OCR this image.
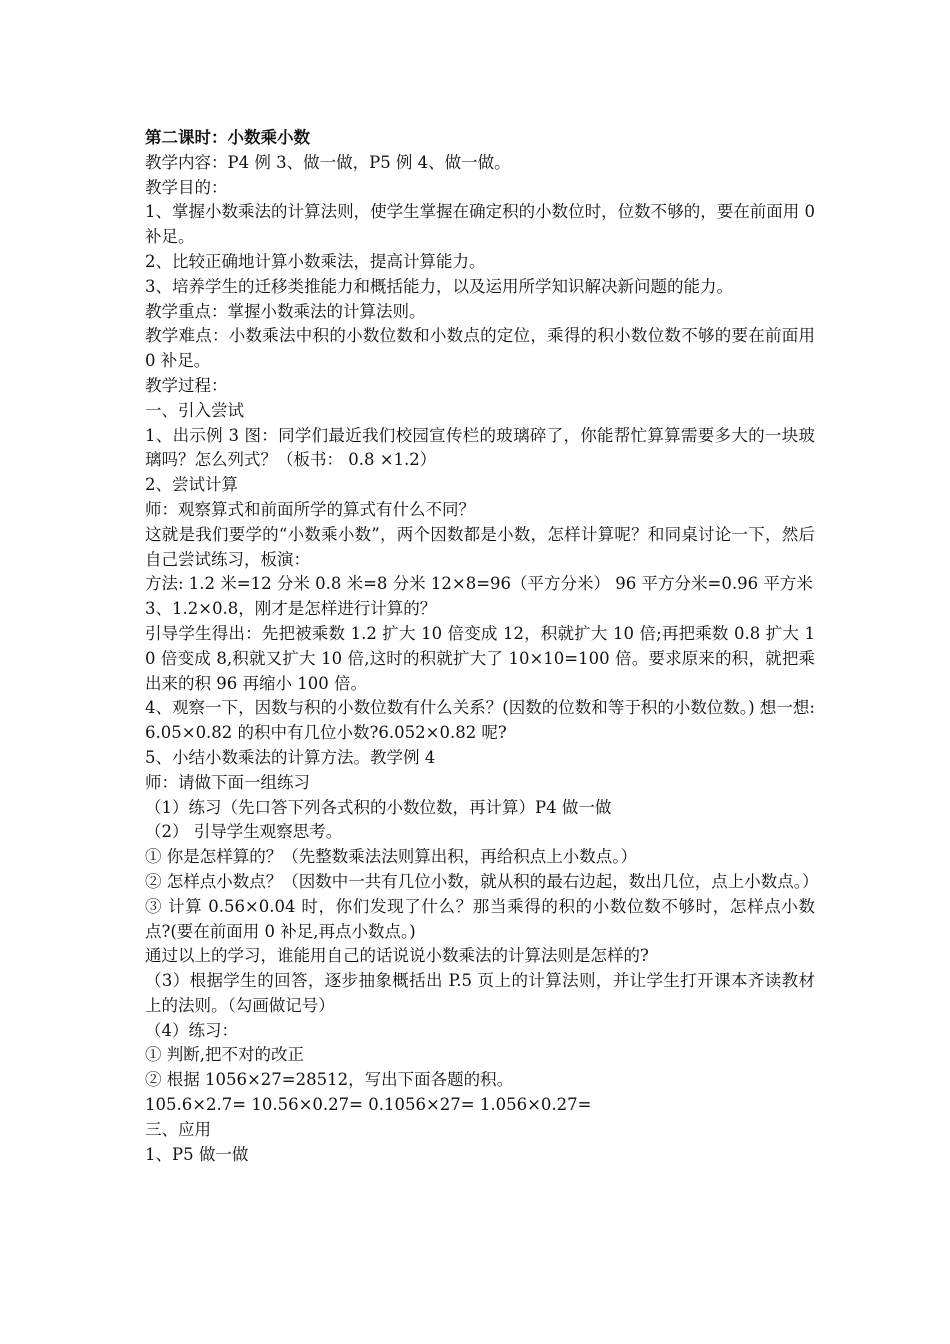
第二课时：小数乘小数

教学内容：P4 例 3、做一做，P5 例 4、做一做。

教学目的：

1、掌握小数乘法的计算法则，使学生掌握在确定积的小数位时，位数不够的，要在前面用 0 补足。

2、比较正确地计算小数乘法，提高计算能力。

3、培养学生的迁移类推能力和概括能力，以及运用所学知识解决新问题的能力。

教学重点：掌握小数乘法的计算法则。

教学难点：小数乘法中积的小数位数和小数点的定位，乘得的积小数位数不够的要在前面用 0 补足。

教学过程：

一、引入尝试

1、出示例 3 图：同学们最近我们校园宣传栏的玻璃碎了，你能帮忙算算需要多大的一块玻璃吗？怎么列式？（板书： 0.8 ×1.2）

2、尝试计算

师：观察算式和前面所学的算式有什么不同？

这就是我们要学的“小数乘小数”，两个因数都是小数，怎样计算呢？和同桌讨论一下，然后自己尝试练习，板演：

方法: 1.2 米=12 分米 0.8 米=8 分米 12×8=96（平方分米） 96 平方分米=0.96 平方米

3、1.2×0.8，刚才是怎样进行计算的？

引导学生得出：先把被乘数 1.2 扩大 10 倍变成 12，积就扩大 10 倍;再把乘数 0.8 扩大 10 倍变成 8,积就又扩大 10 倍,这时的积就扩大了 10×10=100 倍。要求原来的积，就把乘出来的积 96 再缩小 100 倍。

4、观察一下，因数与积的小数位数有什么关系？(因数的位数和等于积的小数位数。) 想一想:6.05×0.82 的积中有几位小数?6.052×0.82 呢?

5、小结小数乘法的计算方法。教学例 4

师：请做下面一组练习

（1）练习（先口答下列各式积的小数位数，再计算）P4 做一做

（2） 引导学生观察思考。

① 你是怎样算的？（先整数乘法法则算出积，再给积点上小数点。）

② 怎样点小数点？（因数中一共有几位小数，就从积的最右边起，数出几位，点上小数点。）

③ 计算 0.56×0.04 时，你们发现了什么？那当乘得的积的小数位数不够时，怎样点小数点?(要在前面用 0 补足,再点小数点。)

通过以上的学习，谁能用自己的话说说小数乘法的计算法则是怎样的?

（3）根据学生的回答，逐步抽象概括出 P.5 页上的计算法则，并让学生打开课本齐读教材上的法则。（勾画做记号）

（4）练习：

① 判断,把不对的改正

② 根据 1056×27=28512，写出下面各题的积。

105.6×2.7= 10.56×0.27= 0.1056×27= 1.056×0.27=

三、应用

1、P5 做一做
